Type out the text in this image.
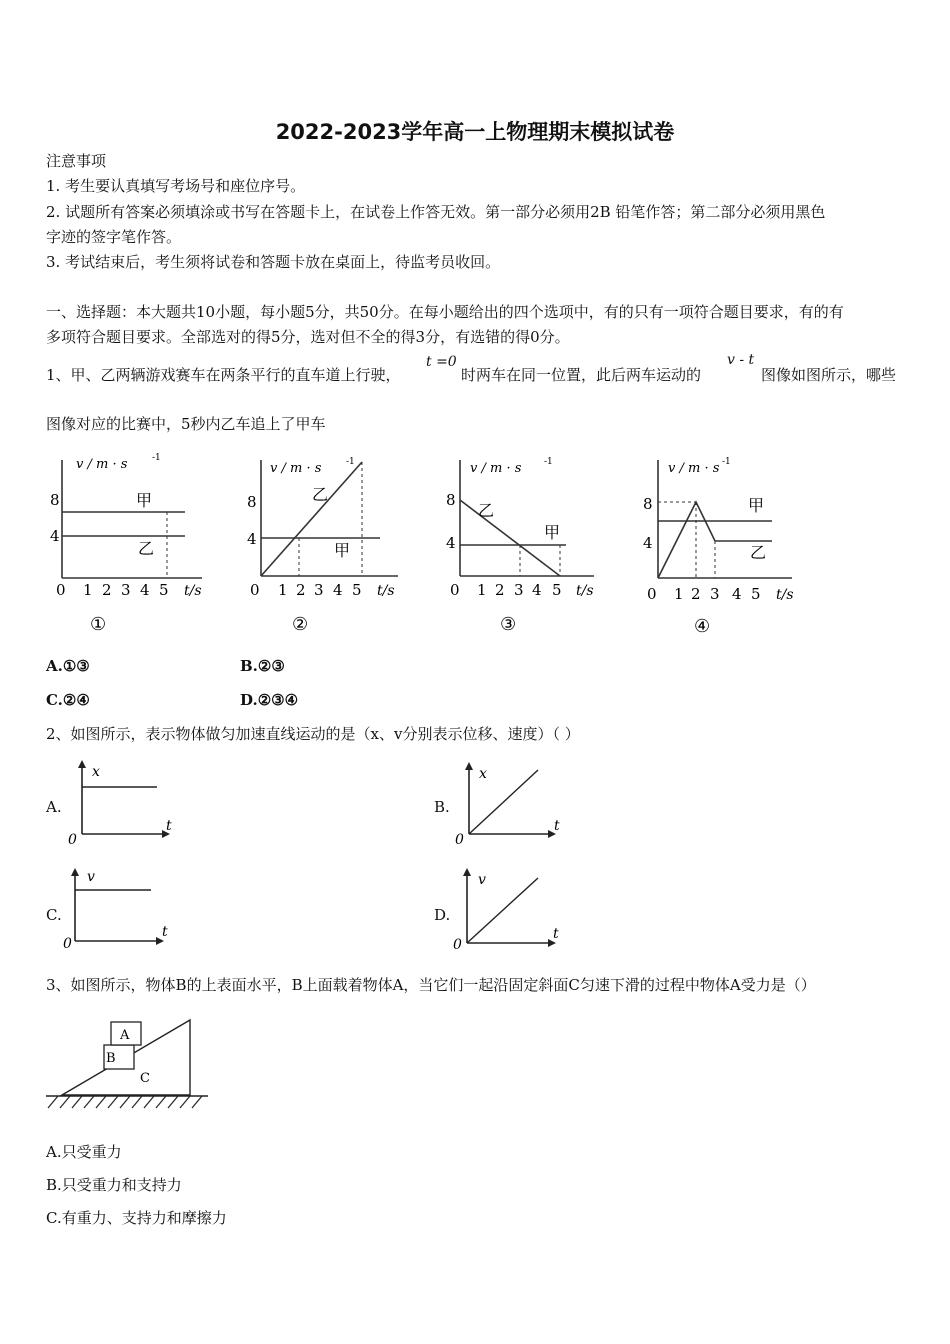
2022-2023学年高一上物理期末模拟试卷
注意事项
1. 考生要认真填写考场号和座位序号。
2. 试题所有答案必须填涂或书写在答题卡上，在试卷上作答无效。第一部分必须用2B 铅笔作答；第二部分必须用黑色
字迹的签字笔作答。
3. 考试结束后，考生须将试卷和答题卡放在桌面上，待监考员收回。
一、选择题：本大题共10小题，每小题5分，共50分。在每小题给出的四个选项中，有的只有一项符合题目要求，有的有
多项符合题目要求。全部选对的得5分，选对但不全的得3分，有选错的得0分。
1、甲、乙两辆游戏赛车在两条平行的直车道上行驶，
t =0
时两车在同一位置，此后两车运动的
v - t
图像如图所示，哪些
图像对应的比赛中，5秒内乙车追上了甲车
v / m · s	-1
8
4
甲
乙
0 1 2 3 4 5 t/s
①
v / m · s	-1
8
4
乙
甲
0 1 2 3 4 5 t/s
②
v / m · s	-1
8
4
乙
甲
0 1 2 3 4 5 t/s
③
v / m · s -1
8
4
甲
乙
0 1 2 3 4 5 t/s
④
A.①③	B.②③
C.②④	D.②③④
2、如图所示，表示物体做匀加速直线运动的是（x、v分别表示位移、速度）（ ）
A.
x
t
0
B.
x
t
0
C.
v
t
0
D.
v
t
0
3、如图所示，物体B的上表面水平，B上面载着物体A，当它们一起沿固定斜面C匀速下滑的过程中物体A受力是（）
A
B
C
A.只受重力
B.只受重力和支持力
C.有重力、支持力和摩擦力
